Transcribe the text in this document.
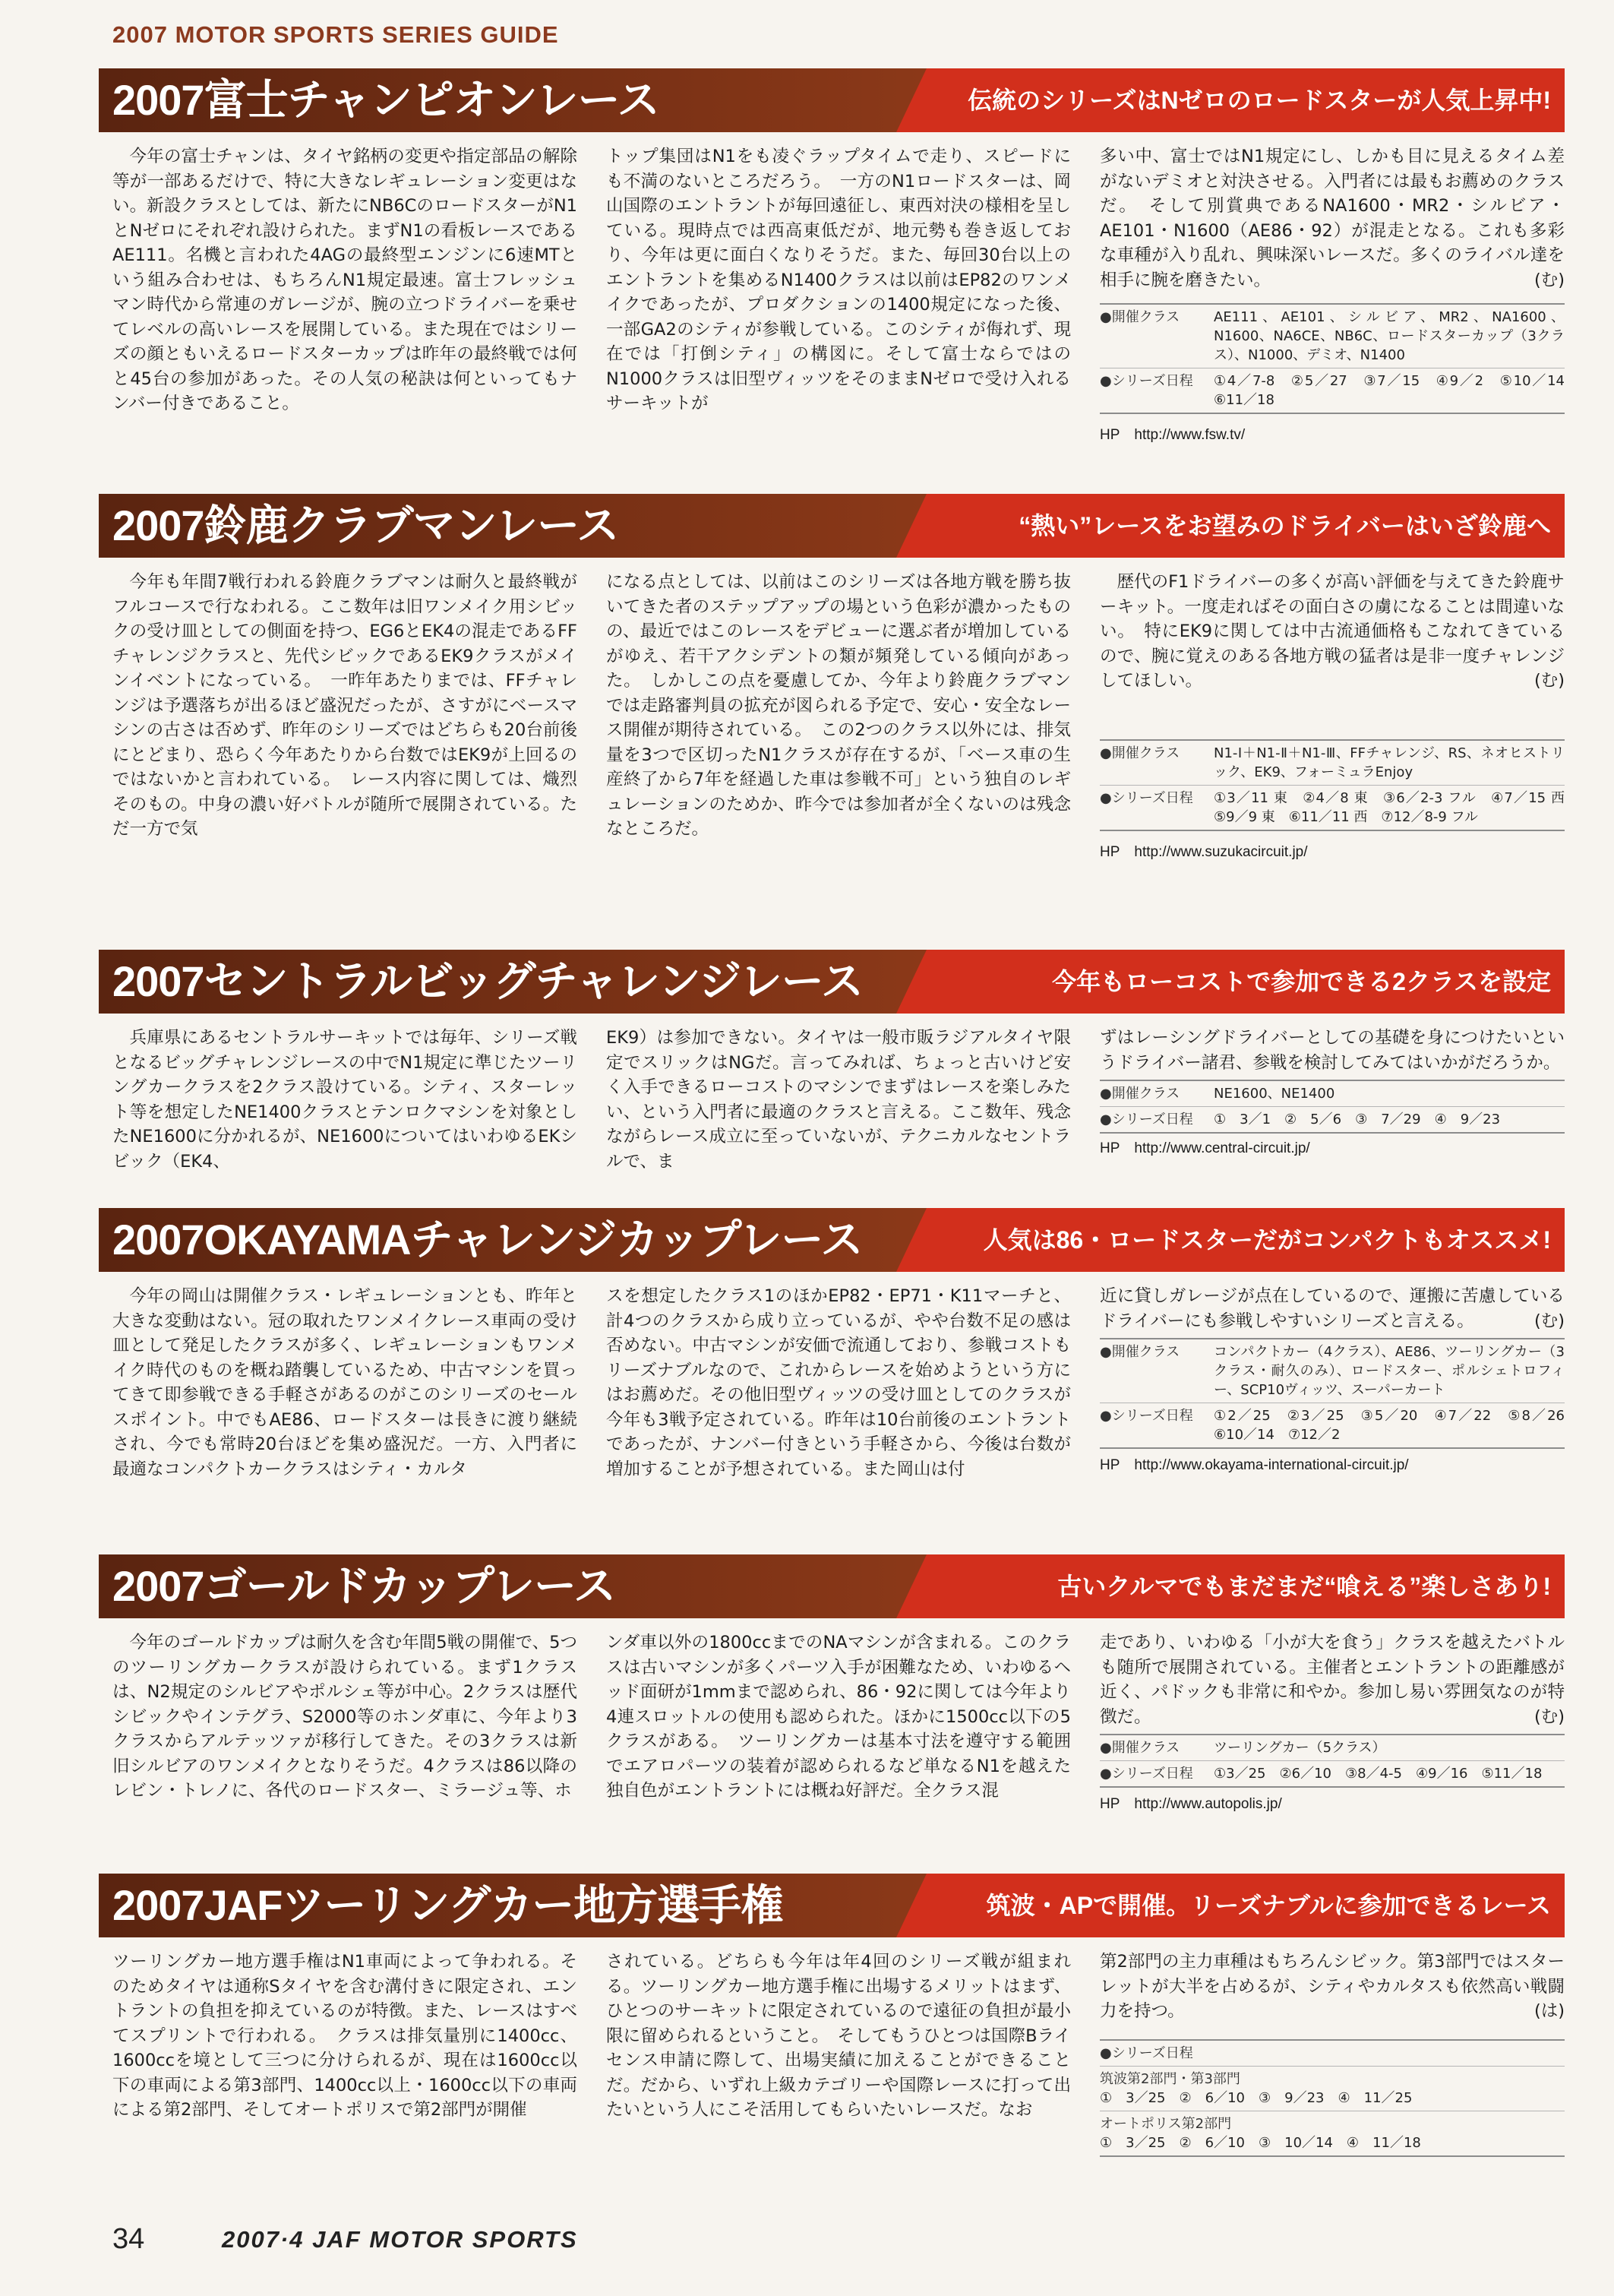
2007 MOTOR SPORTS SERIES GUIDE
2007富士チャンピオンレース	伝統のシリーズはNゼロのロードスターが人気上昇中!

今年の富士チャンは、タイヤ銘柄の変更や指定部品の解除等が一部あるだけで、特に大きなレギュレーション変更はない。新設クラスとしては、新たにNB6CのロードスターがN1とNゼロにそれぞれ設けられた。まずN1の看板レースであるAE111。名機と言われた4AGの最終型エンジンに6速MTという組み合わせは、もちろんN1規定最速。富士フレッシュマン時代から常連のガレージが、腕の立つドライバーを乗せてレベルの高いレースを展開している。また現在ではシリーズの顔ともいえるロードスターカップは昨年の最終戦では何と45台の参加があった。その人気の秘訣は何といってもナンバー付きであること。

トップ集団はN1をも凌ぐラップタイムで走り、スピードにも不満のないところだろう。　一方のN1ロードスターは、岡山国際のエントラントが毎回遠征し、東西対決の様相を呈している。現時点では西高東低だが、地元勢も巻き返しており、今年は更に面白くなりそうだ。また、毎回30台以上のエントラントを集めるN1400クラスは以前はEP82のワンメイクであったが、プロダクションの1400規定になった後、一部GA2のシティが参戦している。このシティが侮れず、現在では「打倒シティ」の構図に。そして富士ならではのN1000クラスは旧型ヴィッツをそのままNゼロで受け入れるサーキットが

多い中、富士ではN1規定にし、しかも目に見えるタイム差がないデミオと対決させる。入門者には最もお薦めのクラスだ。　そして別賞典であるNA1600・MR2・シルビア・AE101・N1600（AE86・92）が混走となる。これも多彩な車種が入り乱れ、興味深いレースだ。多くのライバル達を相手に腕を磨きたい。	(む)

●開催クラス	AE111、AE101、シルビア、MR2、NA1600、N1600、NA6CE、NB6C、ロードスターカップ（3クラス）、N1000、デミオ、N1400
●シリーズ日程	①4／7-8　②5／27　③7／15　④9／2　⑤10／14　⑥11／18
HP　 http://www.fsw.tv/
2007鈴鹿クラブマンレース	“熱い”レースをお望みのドライバーはいざ鈴鹿へ

今年も年間7戦行われる鈴鹿クラブマンは耐久と最終戦がフルコースで行なわれる。ここ数年は旧ワンメイク用シビックの受け皿としての側面を持つ、EG6とEK4の混走であるFFチャレンジクラスと、先代シビックであるEK9クラスがメインイベントになっている。　一昨年あたりまでは、FFチャレンジは予選落ちが出るほど盛況だったが、さすがにベースマシンの古さは否めず、昨年のシリーズではどちらも20台前後にとどまり、恐らく今年あたりから台数ではEK9が上回るのではないかと言われている。　レース内容に関しては、熾烈そのもの。中身の濃い好バトルが随所で展開されている。ただ一方で気

になる点としては、以前はこのシリーズは各地方戦を勝ち抜いてきた者のステップアップの場という色彩が濃かったものの、最近ではこのレースをデビューに選ぶ者が増加しているがゆえ、若干アクシデントの類が頻発している傾向があった。　しかしこの点を憂慮してか、今年より鈴鹿クラブマンでは走路審判員の拡充が図られる予定で、安心・安全なレース開催が期待されている。　この2つのクラス以外には、排気量を3つで区切ったN1クラスが存在するが、「ベース車の生産終了から7年を経過した車は参戦不可」という独自のレギュレーションのためか、昨今では参加者が全くないのは残念なところだ。

歴代のF1ドライバーの多くが高い評価を与えてきた鈴鹿サーキット。一度走ればその面白さの虜になることは間違いない。　特にEK9に関しては中古流通価格もこなれてきているので、腕に覚えのある各地方戦の猛者は是非一度チャレンジしてほしい。	(む)

●開催クラス	N1-Ⅰ＋N1-Ⅱ＋N1-Ⅲ、FFチャレンジ、RS、ネオヒストリック、EK9、フォーミュラEnjoy
●シリーズ日程	①3／11 東　②4／8 東　③6／2-3 フル　④7／15 西　⑤9／9 東　⑥11／11 西　⑦12／8-9 フル
HP　 http://www.suzukacircuit.jp/
2007セントラルビッグチャレンジレース	今年もローコストで参加できる2クラスを設定

兵庫県にあるセントラルサーキットでは毎年、シリーズ戦となるビッグチャレンジレースの中でN1規定に準じたツーリングカークラスを2クラス設けている。シティ、スターレット等を想定したNE1400クラスとテンロクマシンを対象としたNE1600に分かれるが、NE1600についてはいわゆるEKシビック（EK4、

EK9）は参加できない。タイヤは一般市販ラジアルタイヤ限定でスリックはNGだ。言ってみれば、ちょっと古いけど安く入手できるローコストのマシンでまずはレースを楽しみたい、という入門者に最適のクラスと言える。ここ数年、残念ながらレース成立に至っていないが、テクニカルなセントラルで、ま

ずはレーシングドライバーとしての基礎を身につけたいというドライバー諸君、参戦を検討してみてはいかがだろうか。

●開催クラス	NE1600、NE1400
●シリーズ日程	①　3／1　②　5／6　③　7／29　④　9／23
HP　 http://www.central-circuit.jp/
2007OKAYAMAチャレンジカップレース	人気は86・ロードスターだがコンパクトもオススメ!

今年の岡山は開催クラス・レギュレーションとも、昨年と大きな変動はない。冠の取れたワンメイクレース車両の受け皿として発足したクラスが多く、レギュレーションもワンメイク時代のものを概ね踏襲しているため、中古マシンを買ってきて即参戦できる手軽さがあるのがこのシリーズのセールスポイント。中でもAE86、ロードスターは長きに渡り継続され、今でも常時20台ほどを集め盛況だ。一方、入門者に最適なコンパクトカークラスはシティ・カルタ

スを想定したクラス1のほかEP82・EP71・K11マーチと、計4つのクラスから成り立っているが、やや台数不足の感は否めない。中古マシンが安価で流通しており、参戦コストもリーズナブルなので、これからレースを始めようという方にはお薦めだ。その他旧型ヴィッツの受け皿としてのクラスが今年も3戦予定されている。昨年は10台前後のエントラントであったが、ナンバー付きという手軽さから、今後は台数が増加することが予想されている。また岡山は付

近に貸しガレージが点在しているので、運搬に苦慮しているドライバーにも参戦しやすいシリーズと言える。	(む)

●開催クラス	コンパクトカー（4クラス）、AE86、ツーリングカー（3クラス・耐久のみ）、ロードスター、ポルシェトロフィー、SCP10ヴィッツ、スーパーカート
●シリーズ日程	①2／25　②3／25　③5／20　④7／22　⑤8／26　⑥10／14　⑦12／2
HP　 http://www.okayama-international-circuit.jp/
2007ゴールドカップレース	古いクルマでもまだまだ“喰える”楽しさあり!

今年のゴールドカップは耐久を含む年間5戦の開催で、5つのツーリングカークラスが設けられている。まず1クラスは、N2規定のシルビアやポルシェ等が中心。2クラスは歴代シビックやインテグラ、S2000等のホンダ車に、今年より3クラスからアルテッツァが移行してきた。その3クラスは新旧シルビアのワンメイクとなりそうだ。4クラスは86以降のレビン・トレノに、各代のロードスター、ミラージュ等、ホ

ンダ車以外の1800ccまでのNAマシンが含まれる。このクラスは古いマシンが多くパーツ入手が困難なため、いわゆるヘッド面研が1mmまで認められ、86・92に関しては今年より4連スロットルの使用も認められた。ほかに1500cc以下の5クラスがある。　ツーリングカーは基本寸法を遵守する範囲でエアロパーツの装着が認められるなど単なるN1を越えた独自色がエントラントには概ね好評だ。全クラス混

走であり、いわゆる「小が大を食う」クラスを越えたバトルも随所で展開されている。主催者とエントラントの距離感が近く、パドックも非常に和やか。参加し易い雰囲気なのが特徴だ。	(む)

●開催クラス	ツーリングカー（5クラス）
●シリーズ日程	①3／25　②6／10　③8／4-5　④9／16　⑤11／18
HP　 http://www.autopolis.jp/
2007JAFツーリングカー地方選手権	筑波・APで開催。リーズナブルに参加できるレース

ツーリングカー地方選手権はN1車両によって争われる。そのためタイヤは通称Sタイヤを含む溝付きに限定され、エントラントの負担を抑えているのが特徴。また、レースはすべてスプリントで行われる。　クラスは排気量別に1400cc、1600ccを境として三つに分けられるが、現在は1600cc以下の車両による第3部門、1400cc以上・1600cc以下の車両による第2部門、そしてオートポリスで第2部門が開催

されている。どちらも今年は年4回のシリーズ戦が組まれる。ツーリングカー地方選手権に出場するメリットはまず、ひとつのサーキットに限定されているので遠征の負担が最小限に留められるということ。　そしてもうひとつは国際Bライセンス申請に際して、出場実績に加えることができることだ。だから、いずれ上級カテゴリーや国際レースに打って出たいという人にこそ活用してもらいたいレースだ。なお

第2部門の主力車種はもちろんシビック。第3部門ではスターレットが大半を占めるが、シティやカルタスも依然高い戦闘力を持つ。	(は)

●シリーズ日程
筑波第2部門・第3部門
①　3／25　②　6／10　③　9／23　④　11／25
オートポリス第2部門
①　3／25　②　6／10　③　10／14　④　11／18
34	2007·4 JAF MOTOR SPORTS
